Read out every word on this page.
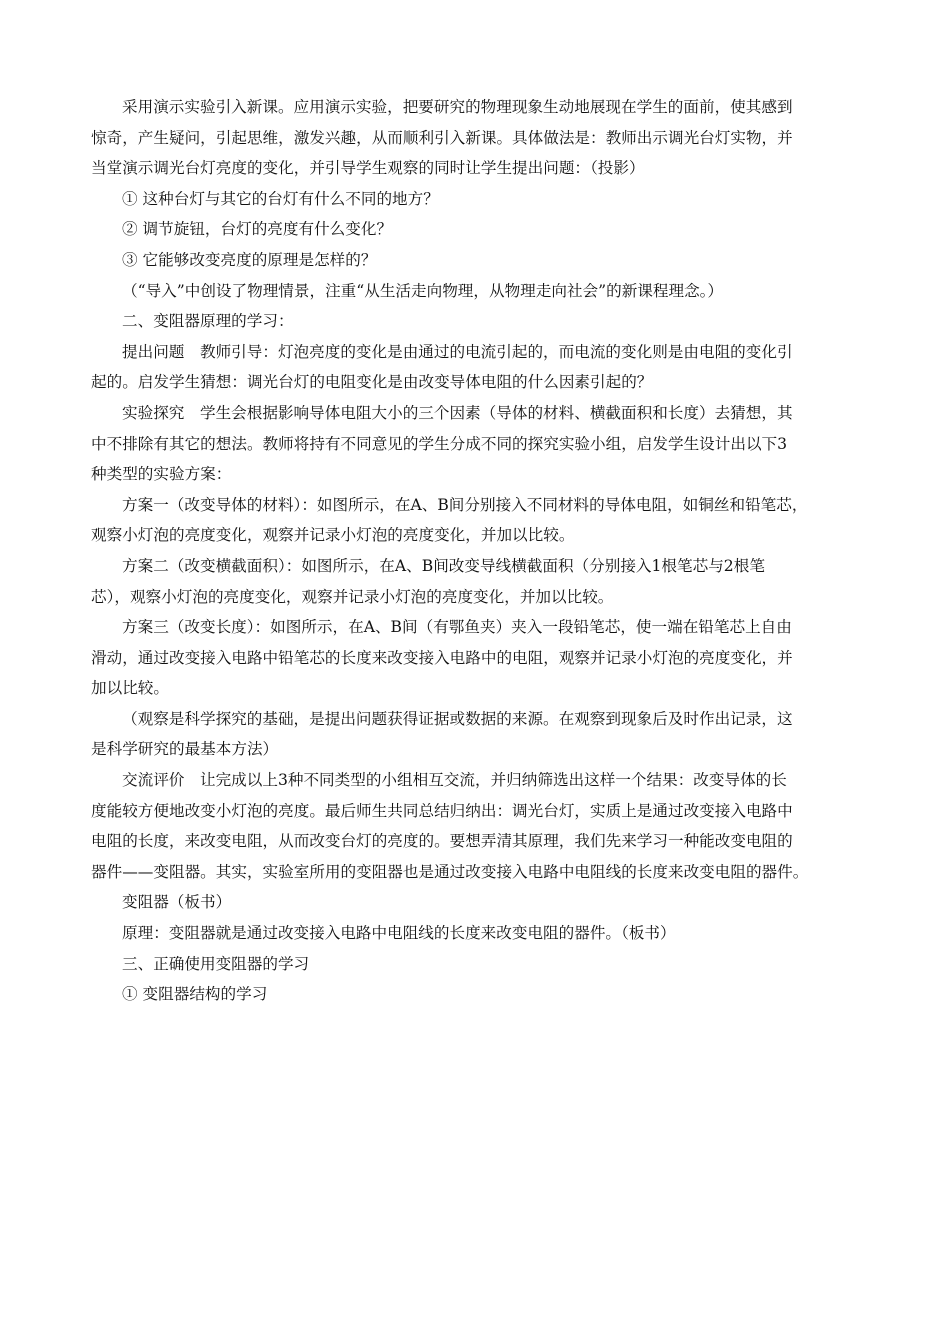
采用演示实验引入新课。应用演示实验，把要研究的物理现象生动地展现在学生的面前，使其感到
惊奇，产生疑问，引起思维，激发兴趣，从而顺利引入新课。具体做法是：教师出示调光台灯实物，并
当堂演示调光台灯亮度的变化，并引导学生观察的同时让学生提出问题：（投影）
① 这种台灯与其它的台灯有什么不同的地方？
② 调节旋钮，台灯的亮度有什么变化？
③ 它能够改变亮度的原理是怎样的？
（“导入”中创设了物理情景，注重“从生活走向物理，从物理走向社会”的新课程理念。）
二、变阻器原理的学习：
提出问题　教师引导：灯泡亮度的变化是由通过的电流引起的，而电流的变化则是由电阻的变化引
起的。启发学生猜想：调光台灯的电阻变化是由改变导体电阻的什么因素引起的？
实验探究　学生会根据影响导体电阻大小的三个因素（导体的材料、横截面积和长度）去猜想，其
中不排除有其它的想法。教师将持有不同意见的学生分成不同的探究实验小组，启发学生设计出以下3
种类型的实验方案：
方案一（改变导体的材料）：如图所示，在A、B间分别接入不同材料的导体电阻，如铜丝和铅笔芯，
观察小灯泡的亮度变化，观察并记录小灯泡的亮度变化，并加以比较。
方案二（改变横截面积）：如图所示，在A、B间改变导线横截面积（分别接入1根笔芯与2根笔
芯），观察小灯泡的亮度变化，观察并记录小灯泡的亮度变化，并加以比较。
方案三（改变长度）：如图所示，在A、B间（有鄂鱼夹）夹入一段铅笔芯，使一端在铅笔芯上自由
滑动，通过改变接入电路中铅笔芯的长度来改变接入电路中的电阻，观察并记录小灯泡的亮度变化，并
加以比较。
（观察是科学探究的基础，是提出问题获得证据或数据的来源。在观察到现象后及时作出记录，这
是科学研究的最基本方法）
交流评价　让完成以上3种不同类型的小组相互交流，并归纳筛选出这样一个结果：改变导体的长
度能较方便地改变小灯泡的亮度。最后师生共同总结归纳出：调光台灯，实质上是通过改变接入电路中
电阻的长度，来改变电阻，从而改变台灯的亮度的。要想弄清其原理，我们先来学习一种能改变电阻的
器件——变阻器。其实，实验室所用的变阻器也是通过改变接入电路中电阻线的长度来改变电阻的器件。
变阻器（板书）
原理：变阻器就是通过改变接入电路中电阻线的长度来改变电阻的器件。（板书）
三、正确使用变阻器的学习
① 变阻器结构的学习
